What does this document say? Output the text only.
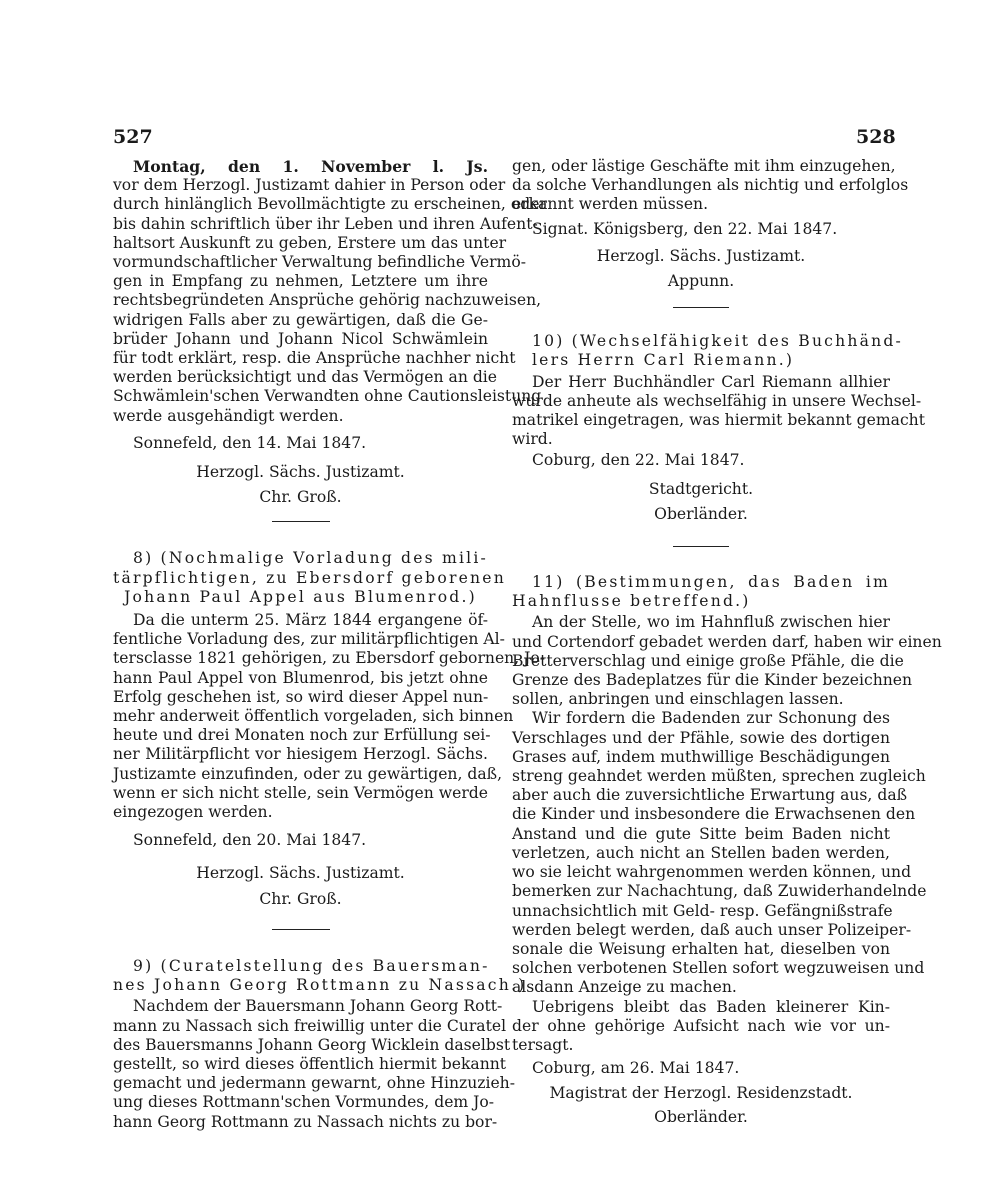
527	528
Montag, den 1. November l. Js.
vor dem Herzogl. Justizamt dahier in Person oder
durch hinlänglich Bevollmächtigte zu erscheinen, oder
bis dahin schriftlich über ihr Leben und ihren Aufent-
haltsort Auskunft zu geben, Erstere um das unter
vormundschaftlicher Verwaltung befindliche Vermö-
gen in Empfang zu nehmen, Letztere um ihre
rechtsbegründeten Ansprüche gehörig nachzuweisen,
widrigen Falls aber zu gewärtigen, daß die Ge-
brüder Johann und Johann Nicol Schwämlein
für todt erklärt, resp. die Ansprüche nachher nicht
werden berücksichtigt und das Vermögen an die
Schwämlein'schen Verwandten ohne Cautionsleistung
werde ausgehändigt werden.
Sonnefeld, den 14. Mai 1847.
Herzogl. Sächs. Justizamt.
Chr. Groß.
8) (Nochmalige Vorladung des mili-
tärpflichtigen, zu Ebersdorf geborenen
Johann Paul Appel aus Blumenrod.)
Da die unterm 25. März 1844 ergangene öf-
fentliche Vorladung des, zur militärpflichtigen Al-
tersclasse 1821 gehörigen, zu Ebersdorf gebornen, Jo-
hann Paul Appel von Blumenrod, bis jetzt ohne
Erfolg geschehen ist, so wird dieser Appel nun-
mehr anderweit öffentlich vorgeladen, sich binnen
heute und drei Monaten noch zur Erfüllung sei-
ner Militärpflicht vor hiesigem Herzogl. Sächs.
Justizamte einzufinden, oder zu gewärtigen, daß,
wenn er sich nicht stelle, sein Vermögen werde
eingezogen werden.
Sonnefeld, den 20. Mai 1847.
Herzogl. Sächs. Justizamt.
Chr. Groß.
9) (Curatelstellung des Bauersman-
nes Johann Georg Rottmann zu Nassach.)
Nachdem der Bauersmann Johann Georg Rott-
mann zu Nassach sich freiwillig unter die Curatel
des Bauersmanns Johann Georg Wicklein daselbst
gestellt, so wird dieses öffentlich hiermit bekannt
gemacht und jedermann gewarnt, ohne Hinzuzieh-
ung dieses Rottmann'schen Vormundes, dem Jo-
hann Georg Rottmann zu Nassach nichts zu bor-
gen, oder lästige Geschäfte mit ihm einzugehen,
da solche Verhandlungen als nichtig und erfolglos
erkannt werden müssen.
Signat. Königsberg, den 22. Mai 1847.
Herzogl. Sächs. Justizamt.
Appunn.
10) (Wechselfähigkeit des Buchhänd-
lers Herrn Carl Riemann.)
Der Herr Buchhändler Carl Riemann allhier
wurde anheute als wechselfähig in unsere Wechsel-
matrikel eingetragen, was hiermit bekannt gemacht
wird.
Coburg, den 22. Mai 1847.
Stadtgericht.
Oberländer.
11) (Bestimmungen, das Baden im
Hahnflusse betreffend.)
An der Stelle, wo im Hahnfluß zwischen hier
und Cortendorf gebadet werden darf, haben wir einen
Bretterverschlag und einige große Pfähle, die die
Grenze des Badeplatzes für die Kinder bezeichnen
sollen, anbringen und einschlagen lassen.
Wir fordern die Badenden zur Schonung des
Verschlages und der Pfähle, sowie des dortigen
Grases auf, indem muthwillige Beschädigungen
streng geahndet werden müßten, sprechen zugleich
aber auch die zuversichtliche Erwartung aus, daß
die Kinder und insbesondere die Erwachsenen den
Anstand und die gute Sitte beim Baden nicht
verletzen, auch nicht an Stellen baden werden,
wo sie leicht wahrgenommen werden können, und
bemerken zur Nachachtung, daß Zuwiderhandelnde
unnachsichtlich mit Geld- resp. Gefängnißstrafe
werden belegt werden, daß auch unser Polizeiper-
sonale die Weisung erhalten hat, dieselben von
solchen verbotenen Stellen sofort wegzuweisen und
alsdann Anzeige zu machen.
Uebrigens bleibt das Baden kleinerer Kin-
der ohne gehörige Aufsicht nach wie vor un-
tersagt.
Coburg, am 26. Mai 1847.
Magistrat der Herzogl. Residenzstadt.
Oberländer.
